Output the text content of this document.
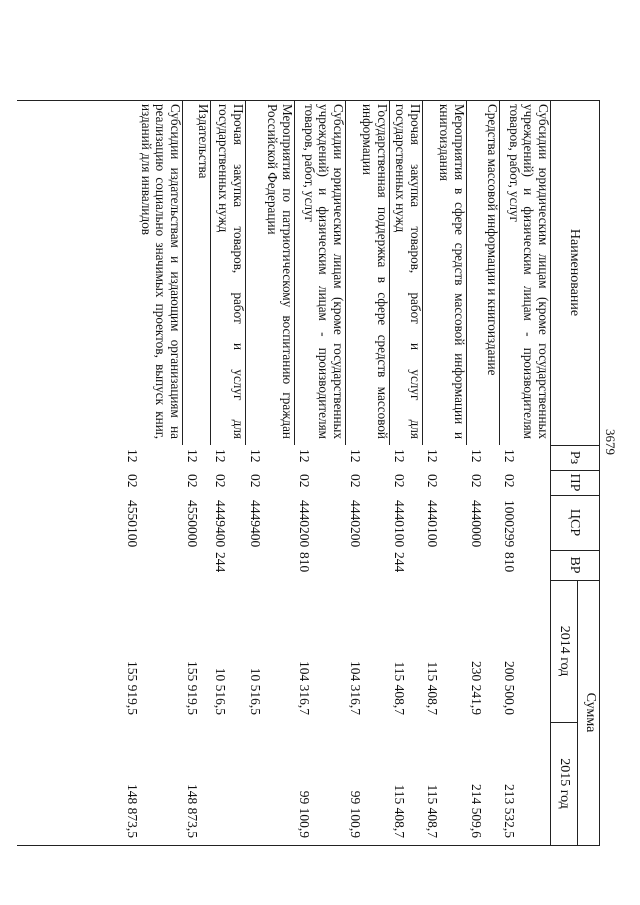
3679
Наименование
Рз
ПР
ЦСР
ВР
Сумма
2014 год
2015 год
Субсидии юридическим лицам (кроме государственных учреждений) и физическим лицам - производителям товаров, работ, услуг
12
02
1000299
810
200 500,0
213 532,5
Средства массовой информации и книгоиздание
12
02
4440000
230 241,9
214 509,6
Мероприятия в сфере средств массовой информации и книгоиздания
12
02
4440100
115 408,7
115 408,7
Прочая закупка товаров, работ и услуг для государственных нужд
12
02
4440100
244
115 408,7
115 408,7
Государственная поддержка в сфере средств массовой информации
12
02
4440200
104 316,7
99 100,9
Субсидии юридическим лицам (кроме государственных учреждений) и физическим лицам - производителям товаров, работ, услуг
12
02
4440200
810
104 316,7
99 100,9
Мероприятия по патриотическому воспитанию граждан Российской Федерации
12
02
4449400
10 516,5
Прочая закупка товаров, работ и услуг для государственных нужд
12
02
4449400
244
10 516,5
Издательства
12
02
4550000
155 919,5
148 873,5
Субсидии издательствам и издающим организациям на реализацию социально значимых проектов, выпуск книг, изданий для инвалидов
12
02
4550100
155 919,5
148 873,5
